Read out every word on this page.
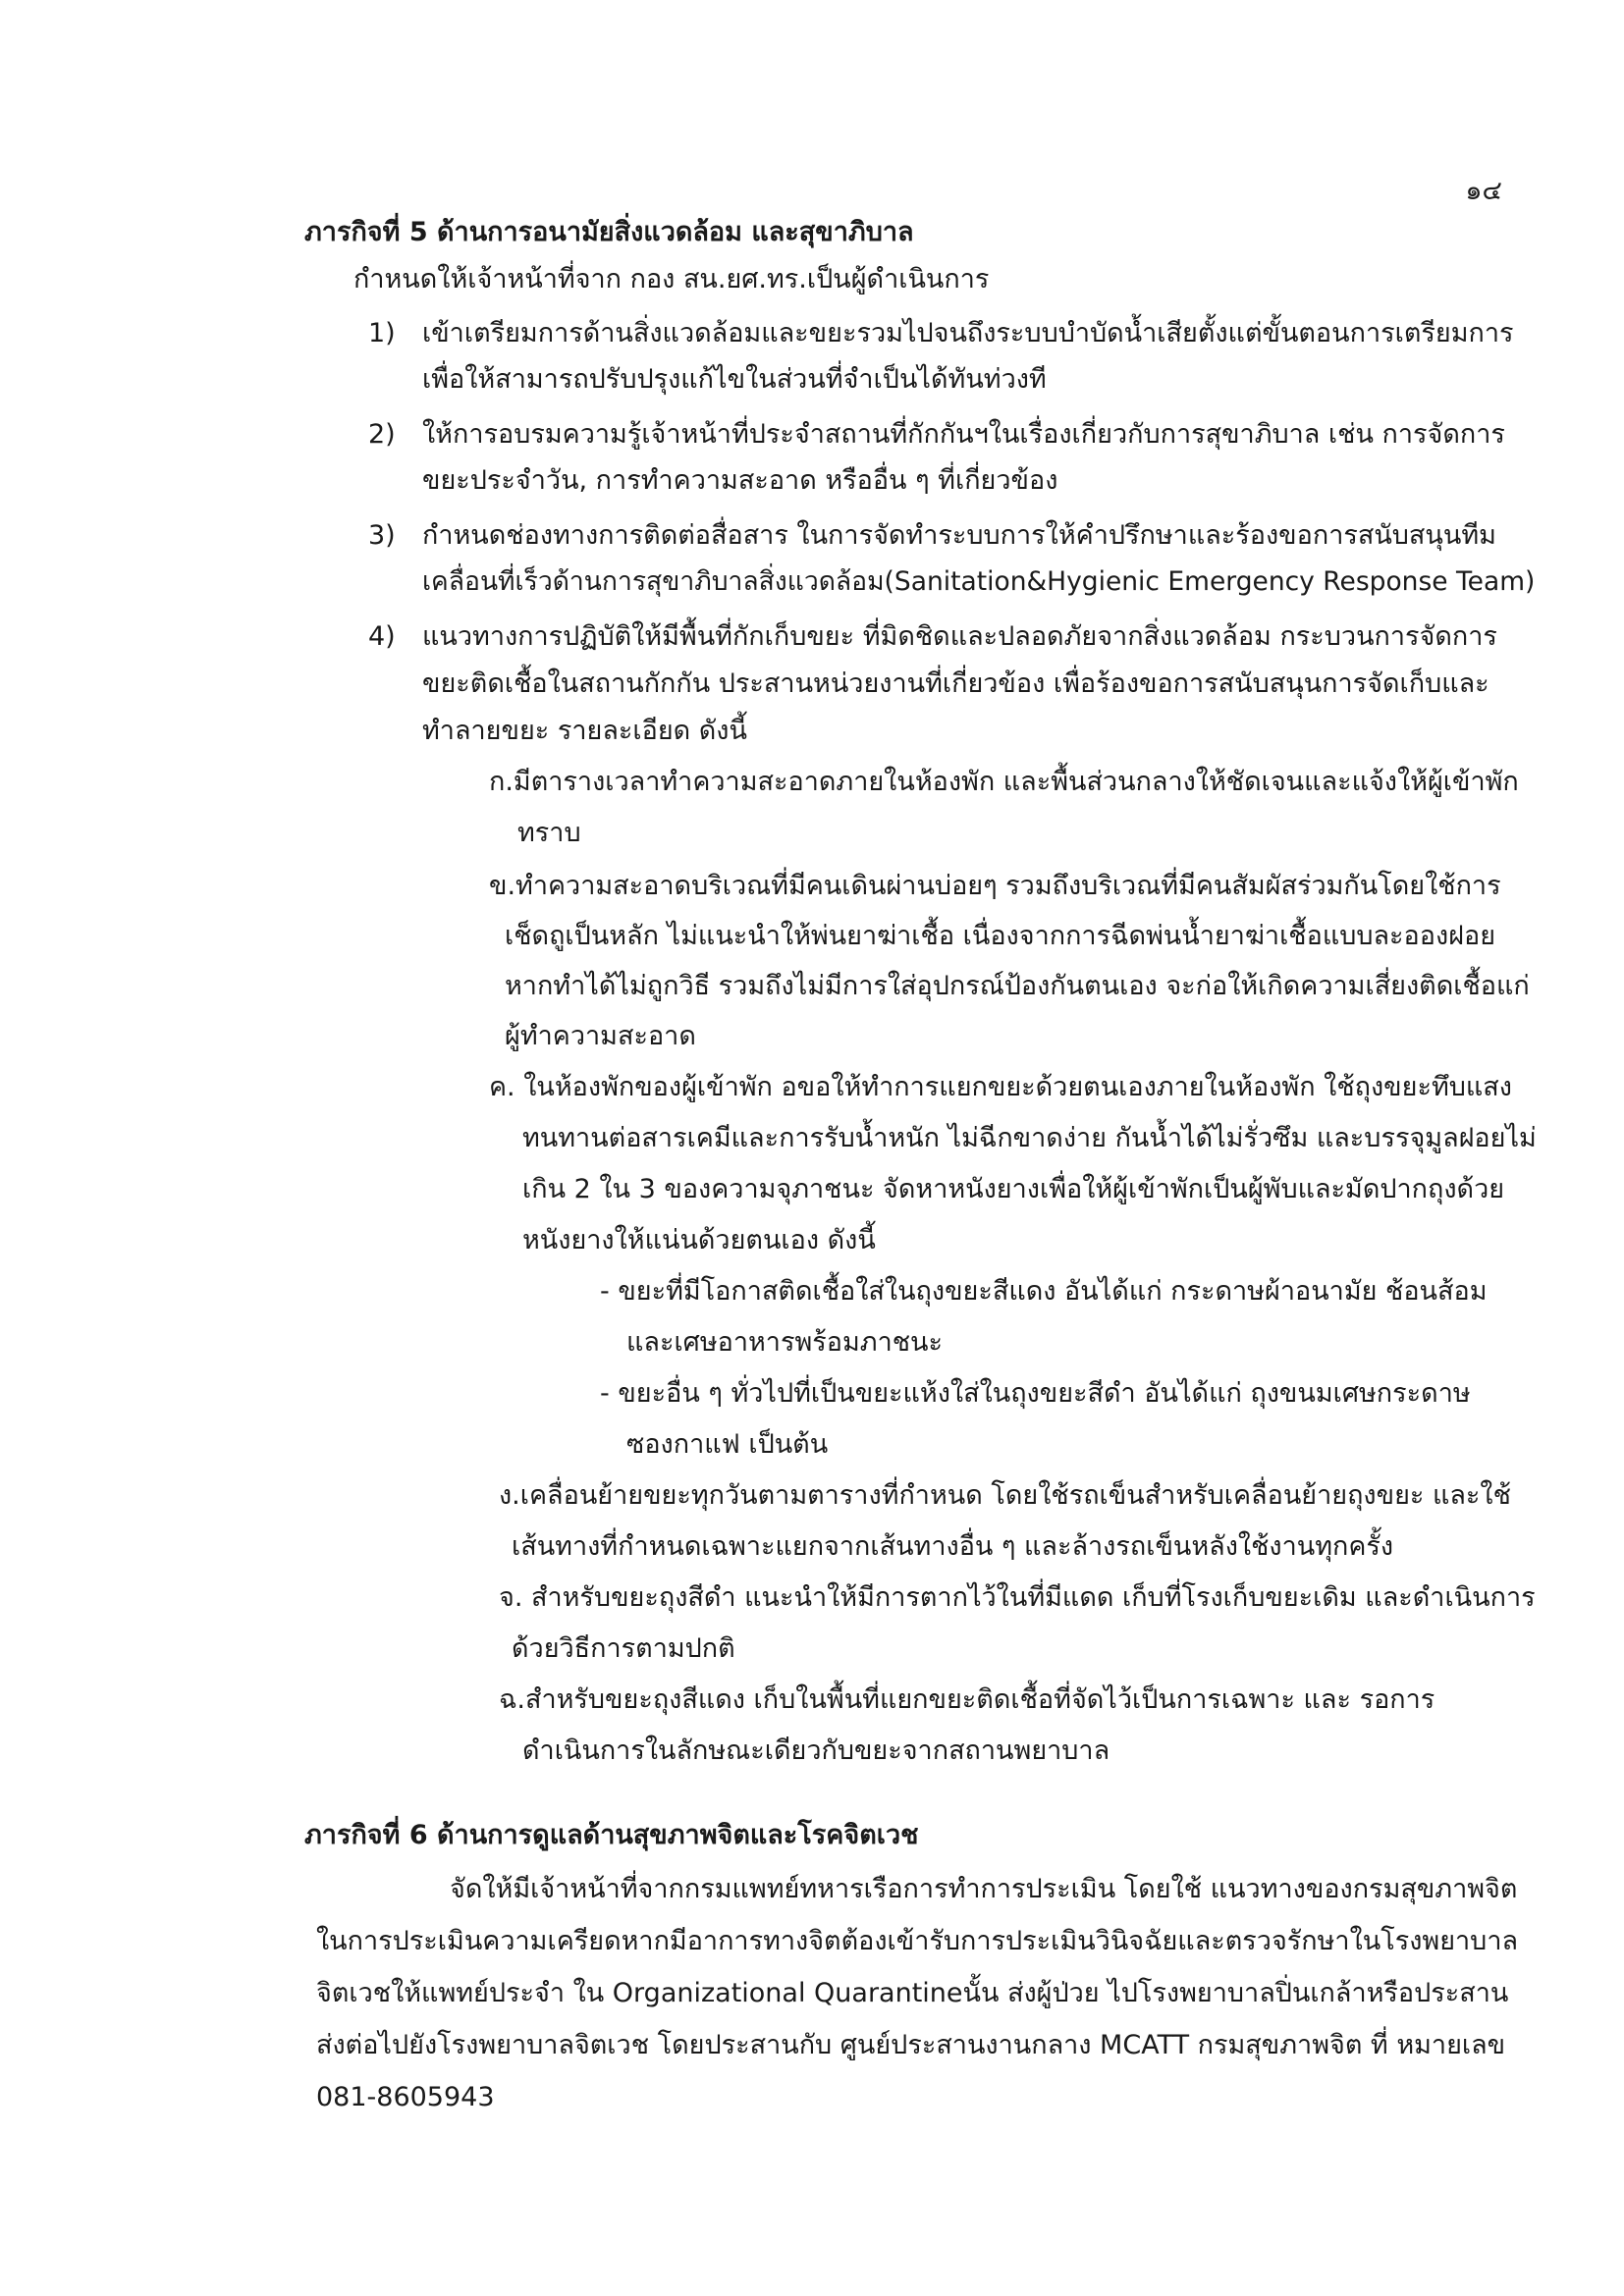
๑๔
ภารกิจที่ 5 ด้านการอนามัยสิ่งแวดล้อม และสุขาภิบาล
กำหนดให้เจ้าหน้าที่จาก กอง สน.ยศ.ทร.เป็นผู้ดำเนินการ
1) เข้าเตรียมการด้านสิ่งแวดล้อมและขยะรวมไปจนถึงระบบบำบัดน้ำเสียตั้งแต่ขั้นตอนการเตรียมการ
เพื่อให้สามารถปรับปรุงแก้ไขในส่วนที่จำเป็นได้ทันท่วงที
2) ให้การอบรมความรู้เจ้าหน้าที่ประจำสถานที่กักกันฯในเรื่องเกี่ยวกับการสุขาภิบาล เช่น การจัดการ
ขยะประจำวัน, การทำความสะอาด หรืออื่น ๆ ที่เกี่ยวข้อง
3) กำหนดช่องทางการติดต่อสื่อสาร ในการจัดทำระบบการให้คำปรึกษาและร้องขอการสนับสนุนทีม
เคลื่อนที่เร็วด้านการสุขาภิบาลสิ่งแวดล้อม(Sanitation&Hygienic Emergency Response Team)
4) แนวทางการปฏิบัติให้มีพื้นที่กักเก็บขยะ ที่มิดชิดและปลอดภัยจากสิ่งแวดล้อม กระบวนการจัดการ
ขยะติดเชื้อในสถานกักกัน ประสานหน่วยงานที่เกี่ยวข้อง เพื่อร้องขอการสนับสนุนการจัดเก็บและ
ทำลายขยะ รายละเอียด ดังนี้
ก.มีตารางเวลาทำความสะอาดภายในห้องพัก และพื้นส่วนกลางให้ชัดเจนและแจ้งให้ผู้เข้าพัก
ทราบ
ข.ทำความสะอาดบริเวณที่มีคนเดินผ่านบ่อยๆ รวมถึงบริเวณที่มีคนสัมผัสร่วมกันโดยใช้การ
เช็ดถูเป็นหลัก ไม่แนะนำให้พ่นยาฆ่าเชื้อ เนื่องจากการฉีดพ่นน้ำยาฆ่าเชื้อแบบละอองฝอย
หากทำได้ไม่ถูกวิธี รวมถึงไม่มีการใส่อุปกรณ์ป้องกันตนเอง จะก่อให้เกิดความเสี่ยงติดเชื้อแก่
ผู้ทำความสะอาด
ค. ในห้องพักของผู้เข้าพัก อขอให้ทำการแยกขยะด้วยตนเองภายในห้องพัก ใช้ถุงขยะทึบแสง
ทนทานต่อสารเคมีและการรับน้ำหนัก ไม่ฉีกขาดง่าย กันน้ำได้ไม่รั่วซึม และบรรจุมูลฝอยไม่
เกิน 2 ใน 3 ของความจุภาชนะ จัดหาหนังยางเพื่อให้ผู้เข้าพักเป็นผู้พับและมัดปากถุงด้วย
หนังยางให้แน่นด้วยตนเอง ดังนี้
- ขยะที่มีโอกาสติดเชื้อใส่ในถุงขยะสีแดง อันได้แก่ กระดาษผ้าอนามัย ช้อนส้อม
และเศษอาหารพร้อมภาชนะ
- ขยะอื่น ๆ ทั่วไปที่เป็นขยะแห้งใส่ในถุงขยะสีดำ อันได้แก่ ถุงขนมเศษกระดาษ
ซองกาแฟ เป็นต้น
ง.เคลื่อนย้ายขยะทุกวันตามตารางที่กำหนด โดยใช้รถเข็นสำหรับเคลื่อนย้ายถุงขยะ และใช้
เส้นทางที่กำหนดเฉพาะแยกจากเส้นทางอื่น ๆ และล้างรถเข็นหลังใช้งานทุกครั้ง
จ. สำหรับขยะถุงสีดำ แนะนำให้มีการตากไว้ในที่มีแดด เก็บที่โรงเก็บขยะเดิม และดำเนินการ
ด้วยวิธีการตามปกติ
ฉ.สำหรับขยะถุงสีแดง เก็บในพื้นที่แยกขยะติดเชื้อที่จัดไว้เป็นการเฉพาะ และ รอการ
ดำเนินการในลักษณะเดียวกับขยะจากสถานพยาบาล
ภารกิจที่ 6 ด้านการดูแลด้านสุขภาพจิตและโรคจิตเวช
จัดให้มีเจ้าหน้าที่จากกรมแพทย์ทหารเรือการทำการประเมิน โดยใช้ แนวทางของกรมสุขภาพจิต
ในการประเมินความเครียดหากมีอาการทางจิตต้องเข้ารับการประเมินวินิจฉัยและตรวจรักษาในโรงพยาบาล
จิตเวชให้แพทย์ประจำ ใน Organizational Quarantineนั้น ส่งผู้ป่วย ไปโรงพยาบาลปิ่นเกล้าหรือประสาน
ส่งต่อไปยังโรงพยาบาลจิตเวช โดยประสานกับ ศูนย์ประสานงานกลาง MCATT กรมสุขภาพจิต ที่ หมายเลข
081-8605943
